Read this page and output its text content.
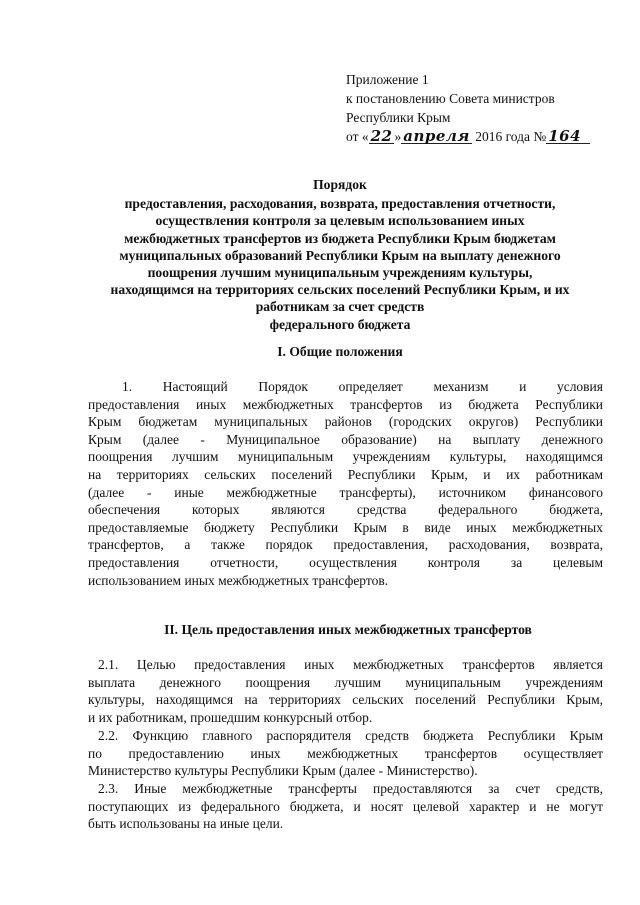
Приложение 1
к постановлению Совета министров
Республики Крым
от « 22 » апреля 2016 года № 164
Порядок
предоставления, расходования, возврата, предоставления отчетности,
осуществления контроля за целевым использованием иных
межбюджетных трансфертов из бюджета Республики Крым бюджетам
муниципальных образований Республики Крым на выплату денежного
поощрения лучшим муниципальным учреждениям культуры,
находящимся на территориях сельских поселений Республики Крым, и их
работникам за счет средств
федерального бюджета
I. Общие положения
1. Настоящий Порядок определяет механизм и условия
предоставления иных межбюджетных трансфертов из бюджета Республики
Крым бюджетам муниципальных районов (городских округов) Республики
Крым (далее - Муниципальное образование) на выплату денежного
поощрения лучшим муниципальным учреждениям культуры, находящимся
на территориях сельских поселений Республики Крым, и их работникам
(далее - иные межбюджетные трансферты), источником финансового
обеспечения которых являются средства федерального бюджета,
предоставляемые бюджету Республики Крым в виде иных межбюджетных
трансфертов, а также порядок предоставления, расходования, возврата,
предоставления отчетности, осуществления контроля за целевым
использованием иных межбюджетных трансфертов.
II. Цель предоставления иных межбюджетных трансфертов
2.1. Целью предоставления иных межбюджетных трансфертов является
выплата денежного поощрения лучшим муниципальным учреждениям
культуры, находящимся на территориях сельских поселений Республики Крым,
и их работникам, прошедшим конкурсный отбор.
2.2. Функцию главного распорядителя средств бюджета Республики Крым
по предоставлению иных межбюджетных трансфертов осуществляет
Министерство культуры Республики Крым (далее - Министерство).
2.3. Иные межбюджетные трансферты предоставляются за счет средств,
поступающих из федерального бюджета, и носят целевой характер и не могут
быть использованы на иные цели.
